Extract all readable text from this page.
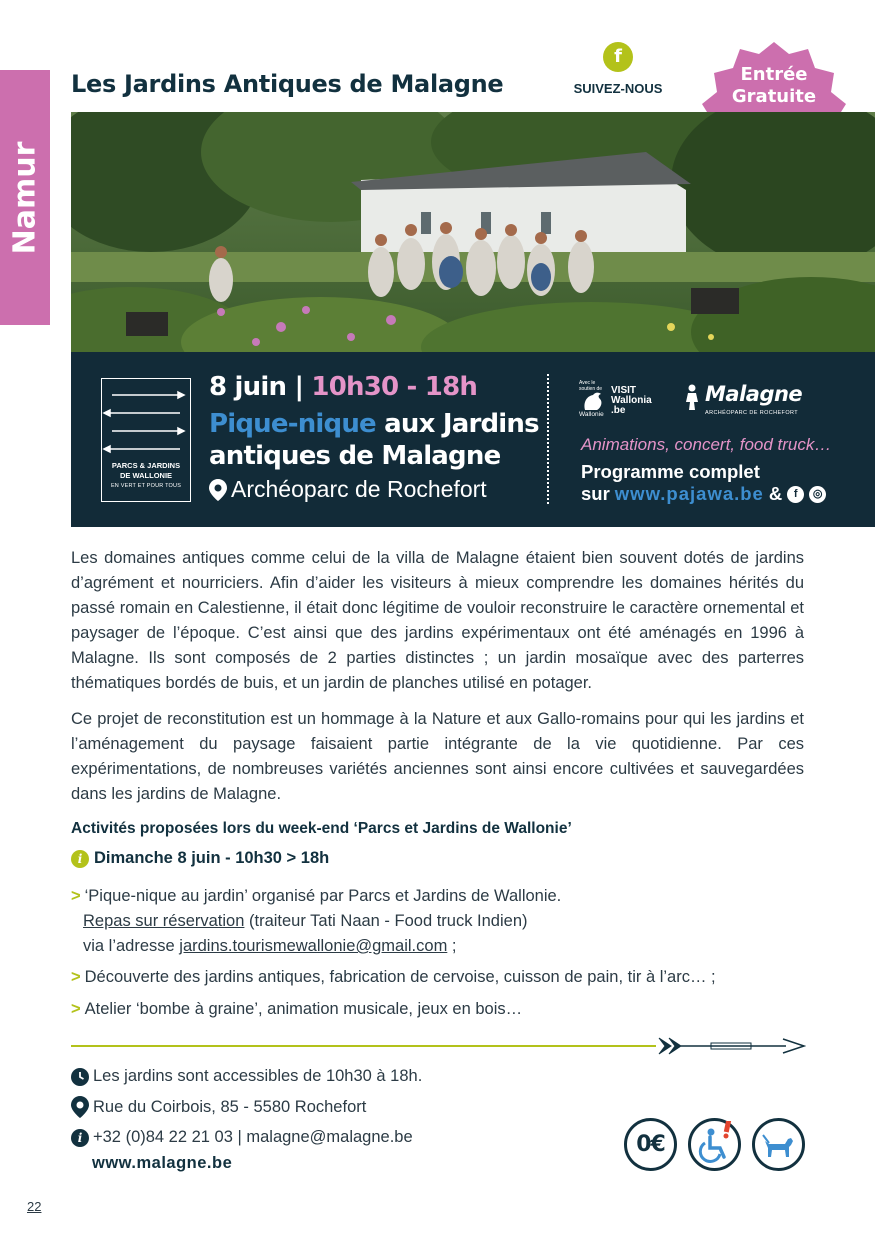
Namur
Les Jardins Antiques de Malagne
f
SUIVEZ-NOUS
Entrée
Gratuite
PARCS & JARDINS
DE WALLONIE
EN VERT ET POUR TOUS
8 juin | 10h30 - 18h
Pique-nique aux Jardins antiques de Malagne
Archéoparc de Rochefort
Avec le soutien de VISIT
Wallonia
.be
Wallonie
Malagne
ARCHÉOPARC DE ROCHEFORT
Animations, concert, food truck…
Programme complet
sur www.pajawa.be &	f	◎

Les domaines antiques comme celui de la villa de Malagne étaient bien souvent dotés de jardins d’agrément et nourriciers. Afin d’aider les visiteurs à mieux comprendre les domaines hérités du passé romain en Calestienne, il était donc légitime de vouloir reconstruire le caractère ornemental et paysager de l’époque. C’est ainsi que des jardins expérimentaux ont été aménagés en 1996 à Malagne. Ils sont composés de 2 parties distinctes ; un jardin mosaïque avec des parterres thématiques bordés de buis, et un jardin de planches utilisé en potager.

Ce projet de reconstitution est un hommage à la Nature et aux Gallo-romains pour qui les jardins et l’aménagement du paysage faisaient partie intégrante de la vie quotidienne. Par ces expérimentations, de nombreuses variétés anciennes sont ainsi encore cultivées et sauvegardées dans les jardins de Malagne.

Activités proposées lors du week-end ‘Parcs et Jardins de Wallonie’
i Dimanche 8 juin - 10h30 > 18h
> ‘Pique-nique au jardin’ organisé par Parcs et Jardins de Wallonie.
Repas sur réservation (traiteur Tati Naan - Food truck Indien)
via l’adresse jardins.tourismewallonie@gmail.com ;
> Découverte des jardins antiques, fabrication de cervoise, cuisson de pain, tir à l’arc… ;
> Atelier ‘bombe à graine’, animation musicale, jeux en bois…
Les jardins sont accessibles de 10h30 à 18h.
Rue du Coirbois, 85 - 5580 Rochefort
i +32 (0)84 22 21 03 | malagne@malagne.be
www.malagne.be
0€
22
